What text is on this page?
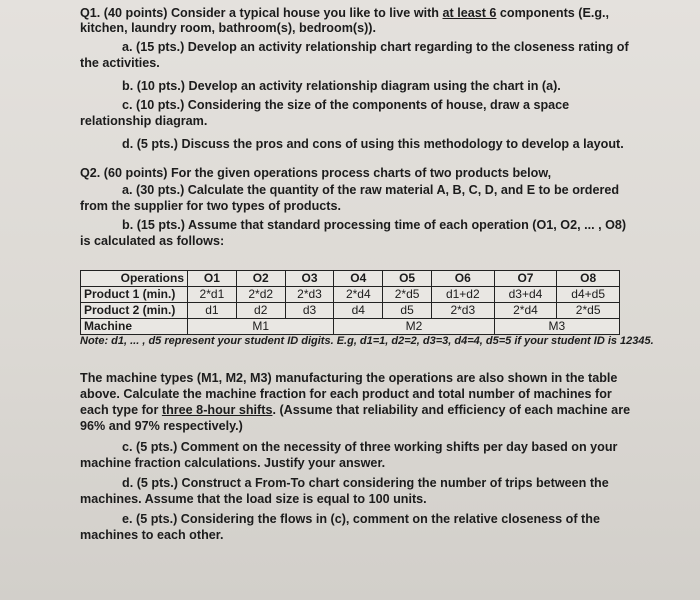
Q1. (40 points) Consider a typical house you like to live with at least 6 components (E.g.,
kitchen, laundry room, bathroom(s), bedroom(s)).
a. (15 pts.) Develop an activity relationship chart regarding to the closeness rating of
the activities.
b. (10 pts.) Develop an activity relationship diagram using the chart in (a).
c. (10 pts.) Considering the size of the components of house, draw a space
relationship diagram.
d. (5 pts.) Discuss the pros and cons of using this methodology to develop a layout.
Q2. (60 points) For the given operations process charts of two products below,
a. (30 pts.) Calculate the quantity of the raw material A, B, C, D, and E to be ordered
from the supplier for two types of products.
b. (15 pts.) Assume that standard processing time of each operation (O1, O2, ... , O8)
is calculated as follows:
Operations	O1	O2	O3	O4	O5	O6	O7	O8
Product 1 (min.)	2*d1	2*d2	2*d3	2*d4	2*d5	d1+d2	d3+d4	d4+d5
Product 2 (min.)	d1	d2	d3	d4	d5	2*d3	2*d4	2*d5
Machine	M1			M2			M3	
Note: d1, ... , d5 represent your student ID digits. E.g, d1=1, d2=2, d3=3, d4=4, d5=5 if your student ID is 12345.
The machine types (M1, M2, M3) manufacturing the operations are also shown in the table
above. Calculate the machine fraction for each product and total number of machines for
each type for three 8-hour shifts. (Assume that reliability and efficiency of each machine are
96% and 97% respectively.)
c. (5 pts.) Comment on the necessity of three working shifts per day based on your
machine fraction calculations. Justify your answer.
d. (5 pts.) Construct a From-To chart considering the number of trips between the
machines. Assume that the load size is equal to 100 units.
e. (5 pts.) Considering the flows in (c), comment on the relative closeness of the
machines to each other.
